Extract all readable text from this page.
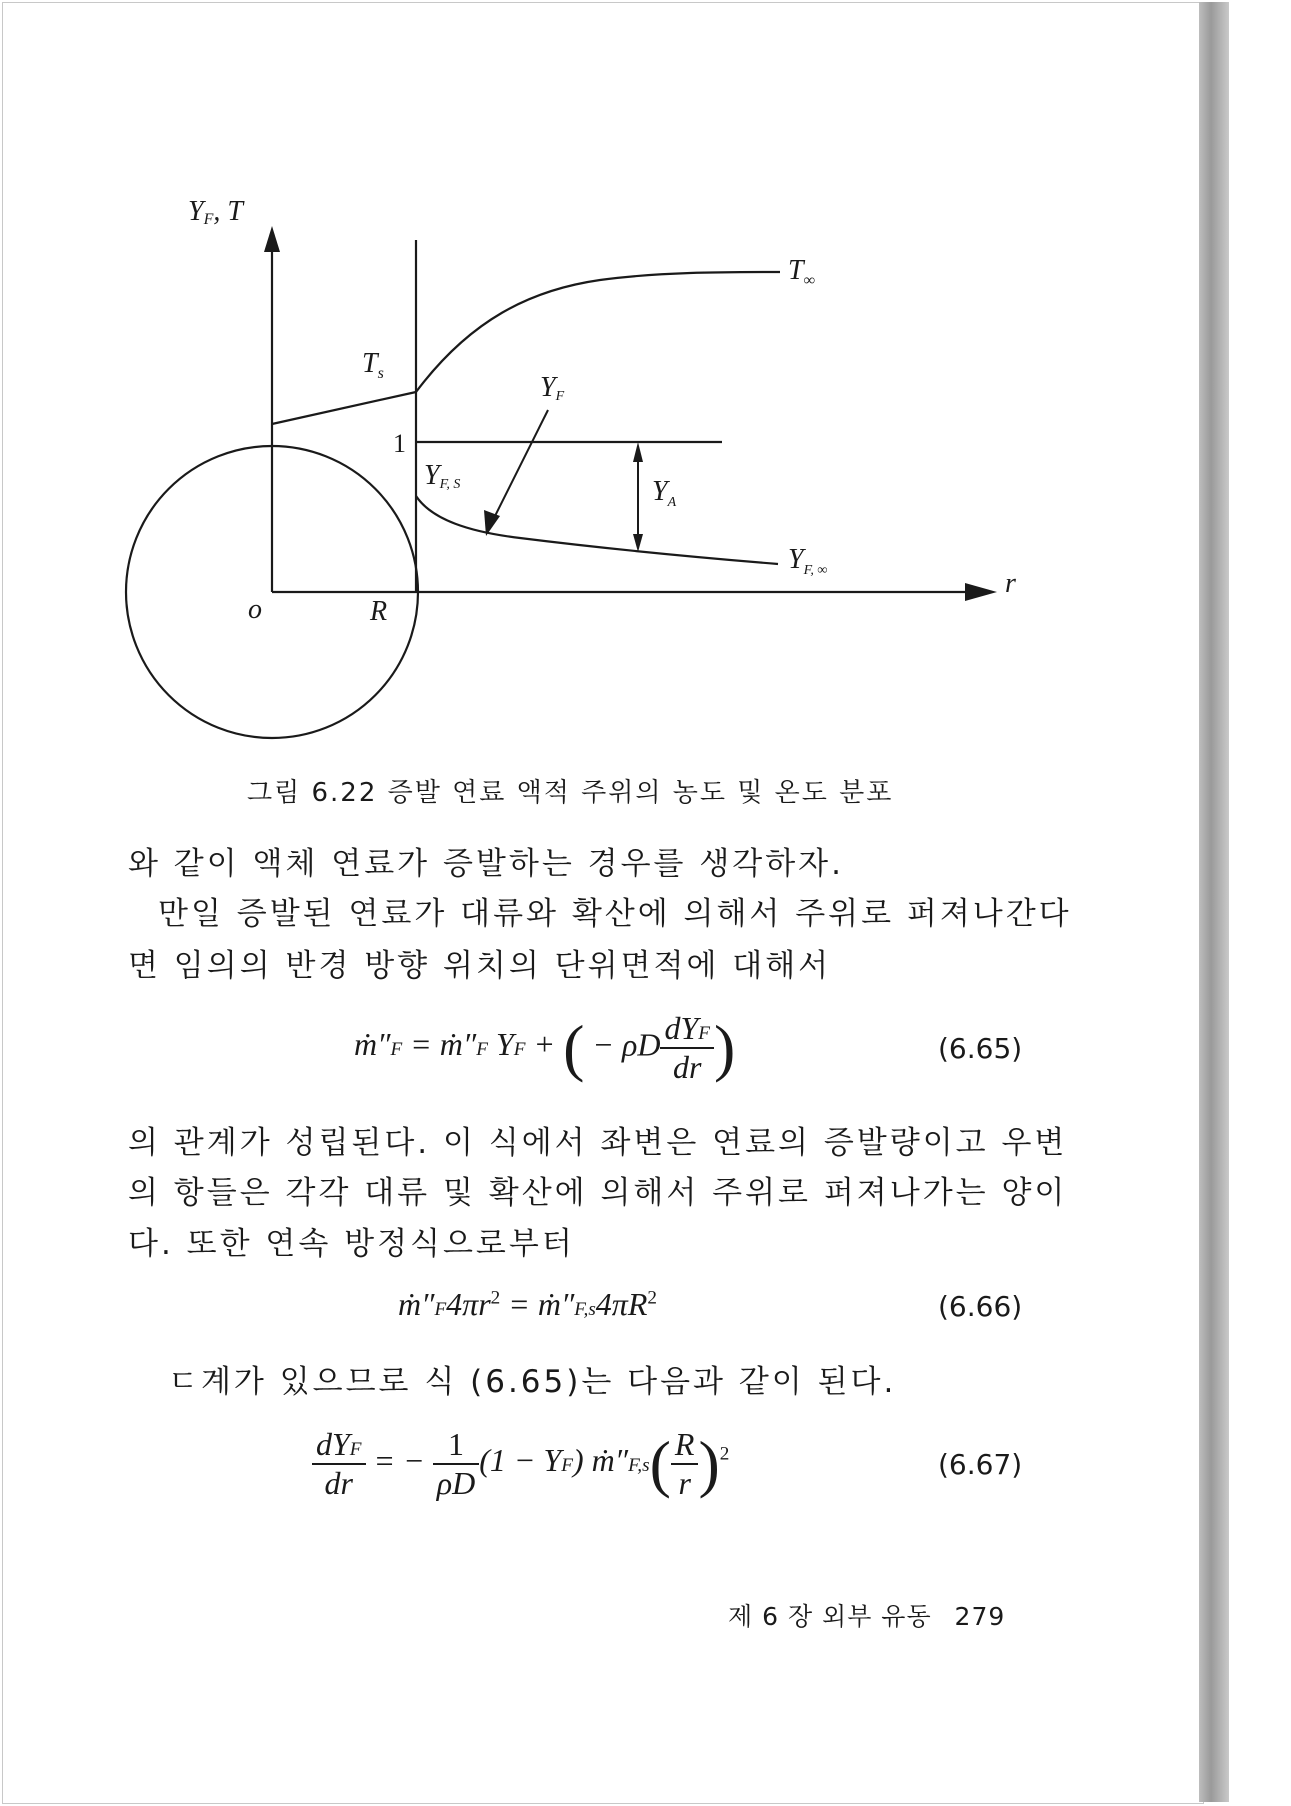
YF, T
r
o	R
$T_s$
$T_\infty$
YF
1
YF, S	$Y_A$
$Y_{F, \infty}$
그림 6.22 증발 연료 액적 주위의 농도 및 온도 분포
와 같이 액체 연료가 증발하는 경우를 생각하자.
만일 증발된 연료가 대류와 확산에 의해서 주위로 퍼져나간다
면 임의의 반경 방향 위치의 단위면적에 대해서
ṁ″F = ṁ″F YF + ( − ρD $\frac{\text{dYF}}{dr}$ )	(6.65)
의 관계가 성립된다. 이 식에서 좌변은 연료의 증발량이고 우변
의 항들은 각각 대류 및 확산에 의해서 주위로 퍼져나가는 양이
다. 또한 연속 방정식으로부터
$ṁ''F4\pi r^2$ = $ṁ''F,s4\pi R^2$	(6.66)
ㄷ계가 있으므로 식 (6.65)는 다음과 같이 된다.
$\frac{\text{dYF}}{dr}$ = − $\frac{1}{\rho D} (1 - YF)$ ṁ″F,s( $\frac{R}{r} )^2$	(6.67)
제 6 장 외부 유동 279
